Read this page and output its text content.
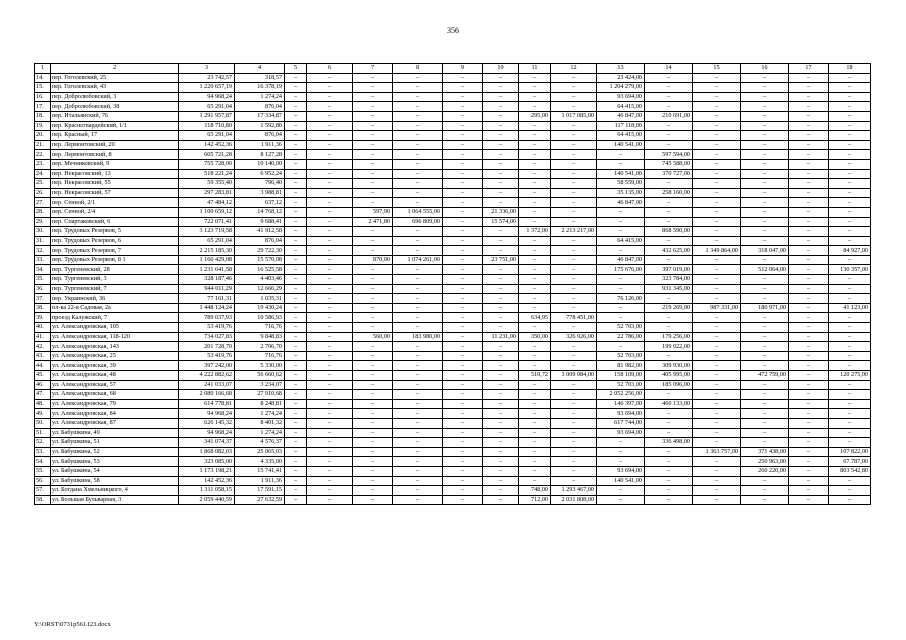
356
1	2	3	4	5	6	7	8	9	10	11	12	13	14	15	16	17	18
14.	пер. Гоголевский, 25	23 742,57	318,57	–	–	–	–	–	–	–	–	23 424,00	–	–	–	–	–
15.	пер. Гоголевский, 43	1 220 657,19	16 378,19	–	–	–	–	–	–	–	–	1 204 279,00	–	–	–	–	–
16.	пер. Добролюбовский, 3	94 968,24	1 274,24	–	–	–	–	–	–	–	–	93 694,00	–	–	–	–	–
17.	пер. Добролюбовский, 38	65 291,04	876,04	–	–	–	–	–	–	–	–	64 415,00	–	–	–	–	–
18.	пер. Итальянский, 76	1 291 957,87	17 334,87	–	–	–	–	–	–	295,00	1 017 085,00	46 847,00	210 691,00	–	–	–	–
19.	пер. Красногвардейский, 1/1	118 710,80	1 592,80	–	–	–	–	–	–	–	–	117 118,00	–	–	–	–	–
20.	пер. Красный, 17	65 291,04	876,04	–	–	–	–	–	–	–	–	64 415,00	–	–	–	–	–
21.	пер. Лермонтовский, 20	142 452,36	1 911,36	–	–	–	–	–	–	–	–	140 541,00	–	–	–	–	–
22.	пер. Лермонтовский, 8	605 721,28	8 127,28	–	–	–	–	–	–	–	–	–	597 594,00	–	–	–	–
23.	пер. Мечниковский, 9	755 728,00	10 140,00	–	–	–	–	–	–	–	–	–	745 588,00	–	–	–	–
24.	пер. Некрасовский, 13	518 221,24	6 952,24	–	–	–	–	–	–	–	–	140 541,00	370 727,00	–	–	–	–
25.	пер. Некрасовский, 55	59 355,40	796,40	–	–	–	–	–	–	–	–	58 559,00	–	–	–	–	–
26.	пер. Некрасовский, 57	297 283,81	3 988,81	–	–	–	–	–	–	–	–	35 135,00	258 160,00	–	–	–	–
27.	пер. Сенной, 2/1	47 484,12	637,12	–	–	–	–	–	–	–	–	46 847,00	–	–	–	–	–
28.	пер. Сенной, 2/4	1 100 659,12	14 768,12	–	–	597,90	1 064 555,00	–	21 336,00	–	–	–	–	–	–	–	–
29.	пер. Спартаковский, 6	722 071,41	9 688,41	–	–	2 471,80	696 809,00	–	15 574,00	–	–	–	–	–	–	–	–
30.	пер. Трудовых Резервов, 5	3 123 719,58	41 912,58	–	–	–	–	–	–	1 372,00	2 213 217,00	–	868 590,00	–	–	–	–
31.	пер. Трудовых Резервов, 6	65 291,04	876,04	–	–	–	–	–	–	–	–	64 415,00	–	–	–	–	–
32.	пер. Трудовых Резервов, 7	2 215 185,30	29 722,30	–	–	–	–	–	–	–	–	–	432 625,00	1 349 864,00	318 047,00	–	84 927,00
33.	пер. Трудовых Резервов, 8 1	1 160 429,08	15 570,08	–	–	870,00	1 074 261,00	–	23 751,00	–	–	46 847,00	–	–	–	–	–
34.	пер. Тургеневский, 28	1 231 641,58	16 525,58	–	–	–	–	–	–	–	–	175 676,00	397 019,00	–	512 064,00	–	130 357,00
35.	пер. Тургеневский, 3	328 187,46	4 403,46	–	–	–	–	–	–	–	–	–	323 784,00	–	–	–	–
36.	пер. Тургеневский, 7	944 011,29	12 666,29	–	–	–	–	–	–	–	–	–	931 345,00	–	–	–	–
37.	пер. Украинский, 36	77 161,31	1 035,31	–	–	–	–	–	–	–	–	76 126,00	–	–	–	–	–
38.	пл-ка 22-я Садовая, 2а	1 448 124,24	19 430,24	–	–	–	–	–	–	–	–	–	219 269,00	987 331,00	180 971,00	–	41 123,00
39.	проезд Калужский, 7	789 037,93	10 586,93	–	–	–	–	–	–	634,95	778 451,00	–	–	–	–	–	–
40.	ул. Александровская, 105	53 419,76	716,76	–	–	–	–	–	–	–	–	52 703,00	–	–	–	–	–
41.	ул. Александровская, 118-120	734 027,83	9 848,83	–	–	560,00	183 980,00	–	11 231,00	350,00	326 926,00	22 786,00	179 256,00	–	–	–	–
42.	ул. Александровская, 143	201 728,70	2 706,70	–	–	–	–	–	–	–	–	–	199 022,00	–	–	–	–
43.	ул. Александровская, 25	53 419,76	716,76	–	–	–	–	–	–	–	–	52 703,00	–	–	–	–	–
44.	ул. Александровская, 39	397 242,00	5 330,00	–	–	–	–	–	–	–	–	81 982,00	309 930,00	–	–	–	–
45.	ул. Александровская, 48	4 222 882,62	56 660,62	–	–	–	–	–	–	510,72	3 009 084,00	158 109,00	405 995,00	–	472 759,00	–	120 275,00
46.	ул. Александровская, 57	241 033,07	3 234,07	–	–	–	–	–	–	–	–	52 703,00	185 096,00	–	–	–	–
47.	ул. Александровская, 68	2 080 166,68	27 910,68	–	–	–	–	–	–	–	–	2 052 256,00	–	–	–	–	–
48.	ул. Александровская, 79	614 778,81	8 248,81	–	–	–	–	–	–	–	–	146 397,00	460 133,00	–	–	–	–
49.	ул. Александровская, 84	94 968,24	1 274,24	–	–	–	–	–	–	–	–	93 694,00	–	–	–	–	–
50.	ул. Александровская, 87	626 145,32	8 401,32	–	–	–	–	–	–	–	–	617 744,00	–	–	–	–	–
51.	ул. Бабушкина, 49	94 968,24	1 274,24	–	–	–	–	–	–	–	–	93 694,00	–	–	–	–	–
52.	ул. Бабушкина, 51	341 074,37	4 576,37	–	–	–	–	–	–	–	–	–	336 498,00	–	–	–	–
53.	ул. Бабушкина, 52	1 868 082,03	25 065,03	–	–	–	–	–	–	–	–	–	–	1 363 757,00	371 438,00	–	107 822,00
54.	ул. Бабушкина, 53	323 085,00	4 335,00	–	–	–	–	–	–	–	–	–	–	–	250 963,00	–	67 787,00
55.	ул. Бабушкина, 54	1 173 198,21	15 741,41	–	–	–	–	–	–	–	–	93 694,00	–	–	260 220,00	–	803 542,80
56.	ул. Бабушкина, 58	142 452,36	1 911,36	–	–	–	–	–	–	–	–	140 541,00	–	–	–	–	–
57.	ул. Богдана Хмельницкого, 4	1 311 058,15	17 591,15	–	–	–	–	–	–	748,00	1 293 467,00	–	–	–	–	–	–
58.	ул. Большая Бульварная, 3	2 059 440,59	27 632,59	–	–	–	–	–	–	712,00	2 031 808,00	–	–	–	–	–	–
Y:\ORST\0731p561.f23.docx
